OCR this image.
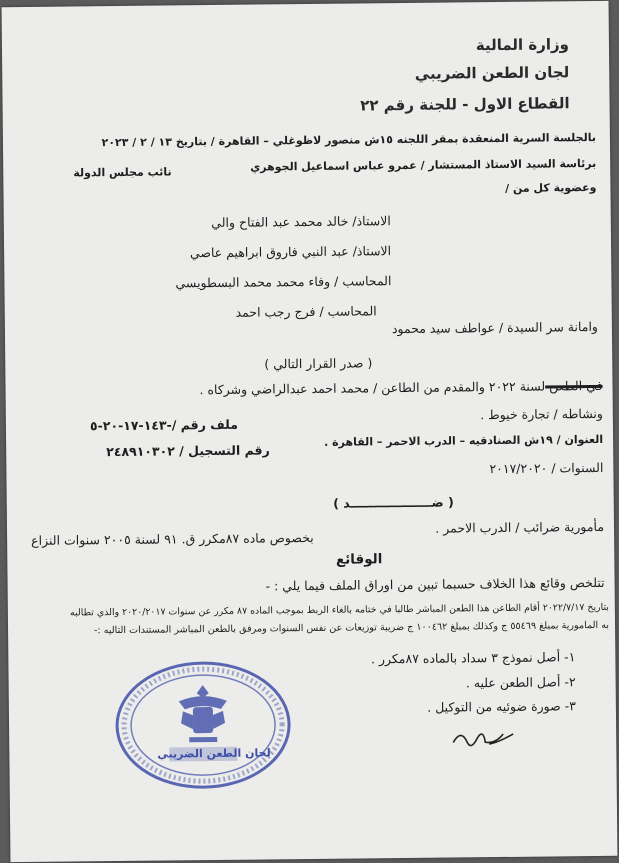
وزارة المالية
لجان الطعن الضريبي
القطاع الاول - للجنة رقم ٢٢
بالجلسة السرية المنعقدة بمقر اللجنه ١٥ش منصور لاظوغلي – القاهرة / بتاريخ ١٣ / ٢ / ٢٠٢٣
برئاسة السيد الاستاذ المستشار / عمرو عباس اسماعيل الجوهري
نائب مجلس الدولة
وعضوية كل من /
الاستاذ/ خالد محمد عبد الفتاح والي
الاستاذ/ عبد النبي فاروق ابراهيم عاصي
المحاسب / وفاء محمد محمد البسطويسي
المحاسب / فرج رجب احمد
وامانة سر السيدة / عواطف سيد محمود
( صدر القرار التالي )
في الطعن لسنة ٢٠٢٢ والمقدم من الطاعن / محمد احمد عبدالراضي وشركاه .
ونشاطه / تجارة خيوط .
ملف رقم /-١٤٣-١٧-٢٠-٥
العنوان / ١٩ش الصنادقيه – الدرب الاحمر – القاهرة .
رقم التسجيل / ٢٤٨٩١٠٣٠٢
السنوات / ٢٠١٧/٢٠٢٠
( ضـــــــــــــــــــد )
مأمورية ضرائب / الدرب الاحمر .
بخصوص ماده ٨٧مكرر ق. ٩١ لسنة ٢٠٠٥ سنوات النزاع
الوقائع
تتلخص وقائع هذا الخلاف حسبما تبين من اوراق الملف فيما يلي : -
بتاريخ ٢٠٢٢/٧/١٧ أقام الطاعن هذا الطعن المباشر طالبا في ختامه بالغاء الربط بموجب الماده ٨٧ مكرر عن سنوات ٢٠٢٠/٢٠١٧ والذي تطالبه
به المامورية بمبلغ ٥٥٤٦٩ ج وكذلك بمبلغ ١٠٠٤٦٢ ج ضريبة توزيعات عن نفس السنوات ومرفق بالطعن المباشر المستندات التاليه :-
١- أصل نموذج ٣ سداد بالماده ٨٧مكرر .
٢- أصل الطعن عليه .
٣- صورة ضوئيه من التوكيل .
لجان الطعن الضريبي
